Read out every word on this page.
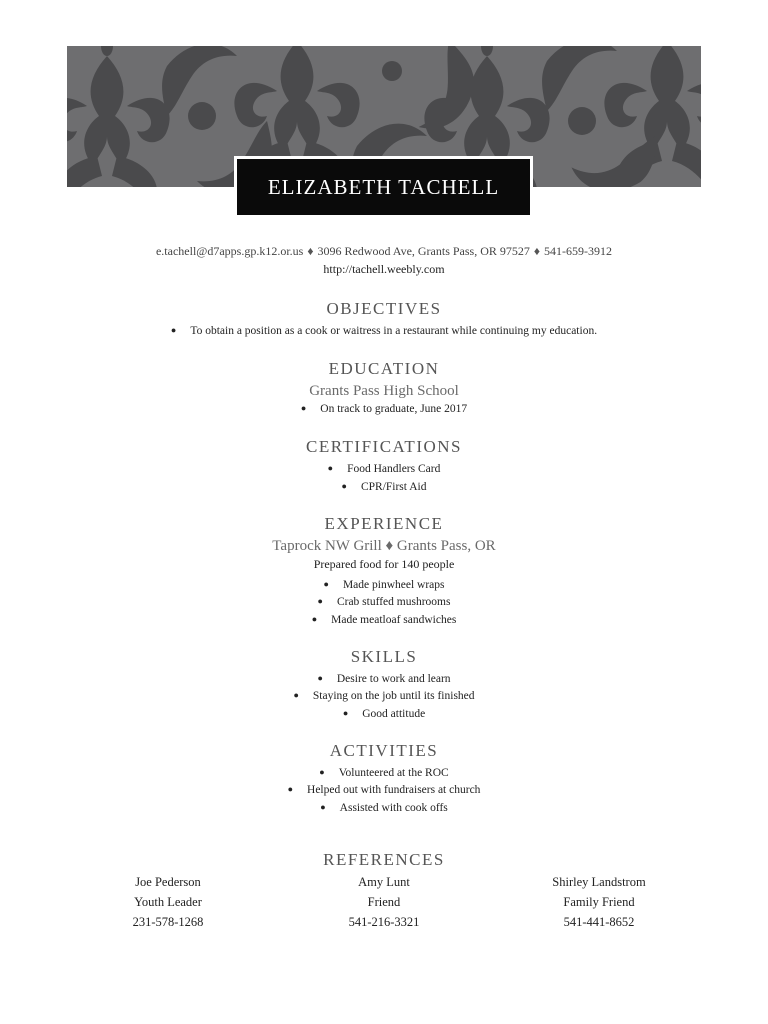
ELIZABETH TACHELL
e.tachell@d7apps.gp.k12.or.us ♦ 3096 Redwood Ave, Grants Pass, OR 97527 ♦ 541-659-3912
http://tachell.weebly.com
OBJECTIVES
● To obtain a position as a cook or waitress in a restaurant while continuing my education.
EDUCATION
Grants Pass High School
● On track to graduate, June 2017
CERTIFICATIONS
● Food Handlers Card
● CPR/First Aid
EXPERIENCE
Taprock NW Grill ♦ Grants Pass, OR
Prepared food for 140 people
● Made pinwheel wraps
● Crab stuffed mushrooms
● Made meatloaf sandwiches
SKILLS
● Desire to work and learn
● Staying on the job until its finished
● Good attitude
ACTIVITIES
● Volunteered at the ROC
● Helped out with fundraisers at church
● Assisted with cook offs
REFERENCES
Joe Pederson
Youth Leader
231-578-1268
Amy Lunt
Friend
541-216-3321
Shirley Landstrom
Family Friend
541-441-8652
